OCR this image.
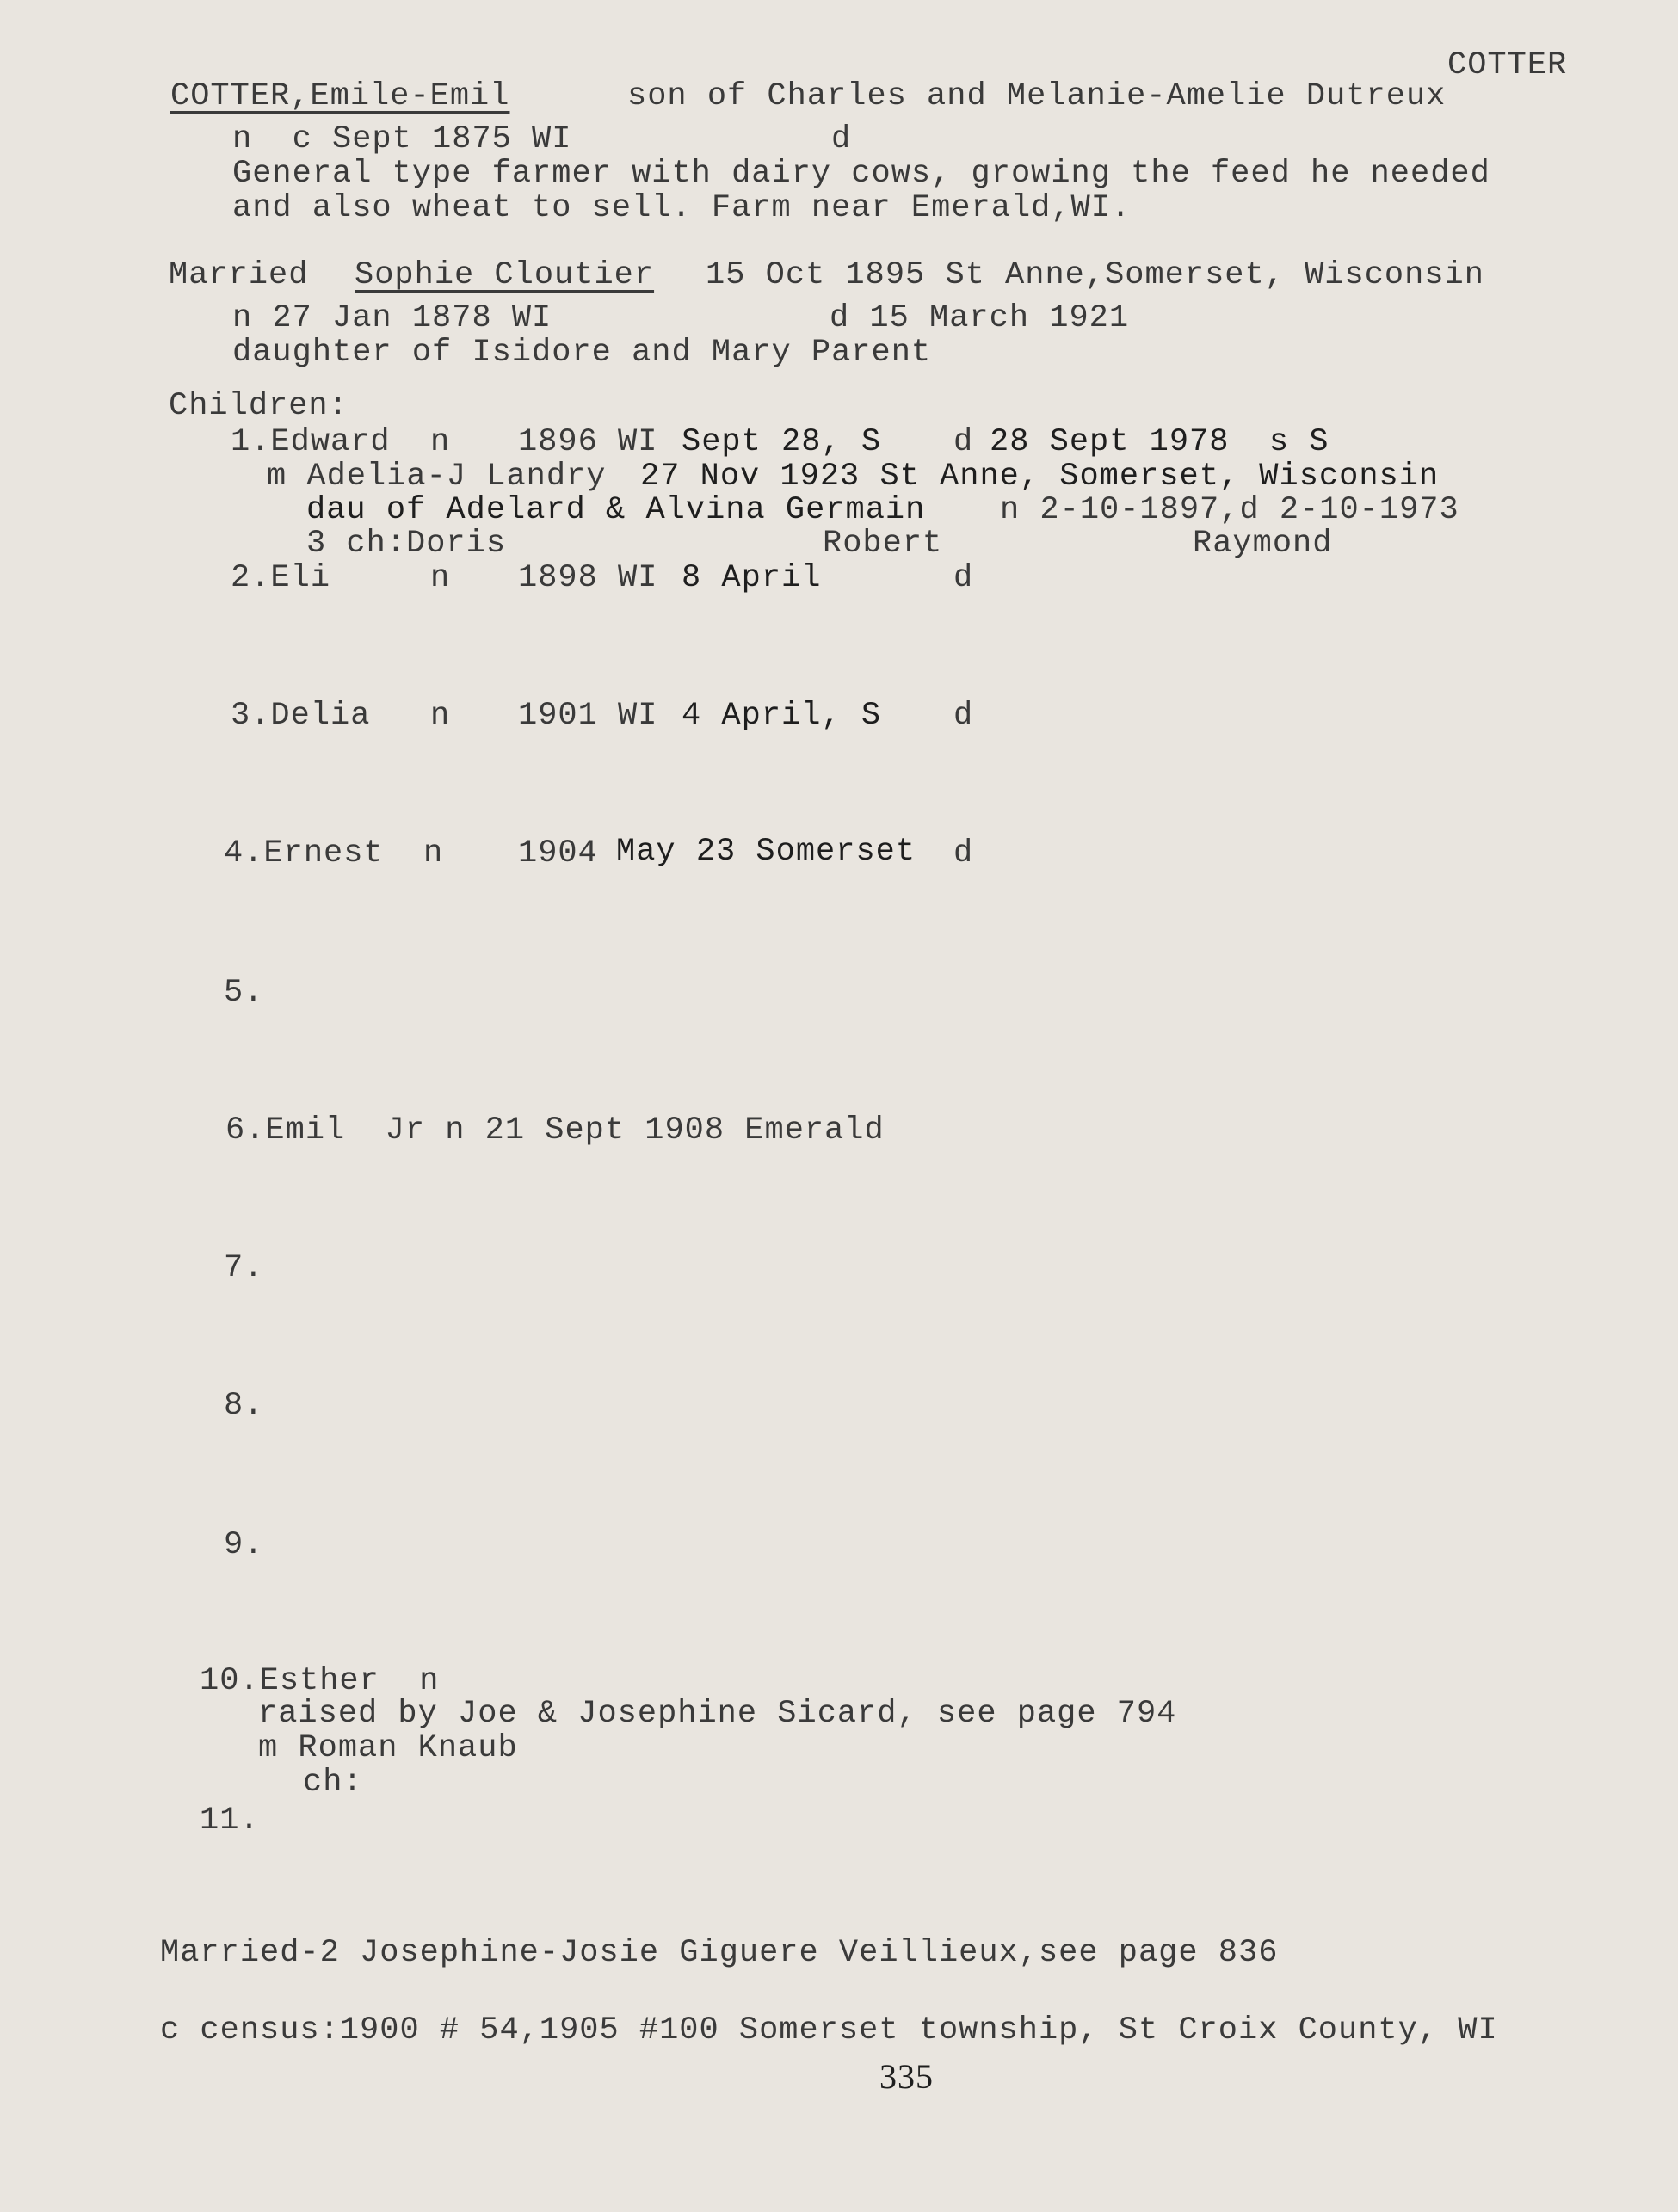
COTTER
COTTER,Emile-Emil	son of Charles and Melanie-Amelie Dutreux
n  c Sept 1875 WI	d
General type farmer with dairy cows, growing the feed he needed
and also wheat to sell. Farm near Emerald,WI.
Married Sophie Cloutier 15 Oct 1895 St Anne,Somerset, Wisconsin
n 27 Jan 1878 WI	d 15 March 1921
daughter of Isidore and Mary Parent
Children:
1.Edward  n 1896 WI Sept 28, S d 28 Sept 1978  s S
m Adelia-J Landry 27 Nov 1923 St Anne, Somerset, Wisconsin
dau of Adelard & Alvina Germain n 2-10-1897,d 2-10-1973
3 ch:Doris	Robert	Raymond
2.Eli     n 1898 WI 8 April	d
3.Delia   n 1901 WI 4 April, S d
4.Ernest  n 1904 May 23 Somerset d
5.
6.Emil  Jr n 21 Sept 1908 Emerald
7.
8.
9.
10.Esther  n
raised by Joe & Josephine Sicard, see page 794
m Roman Knaub
ch:
11.
Married-2 Josephine-Josie Giguere Veillieux,see page 836
c census:1900 # 54,1905 #100 Somerset township, St Croix County, WI
335
